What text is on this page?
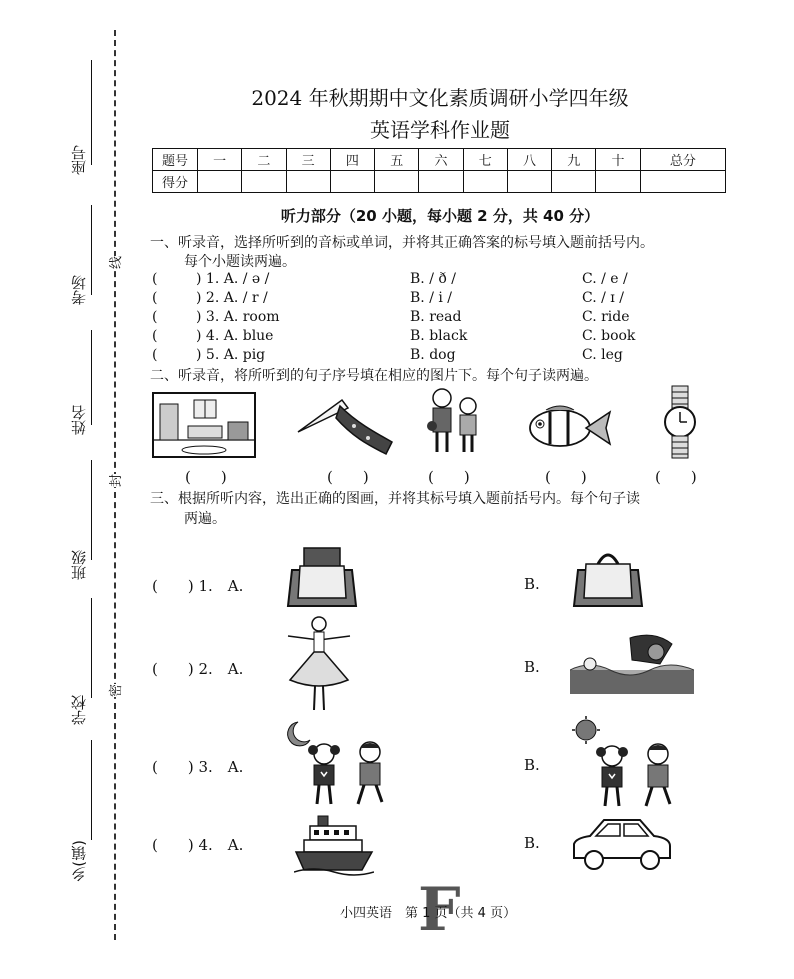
座号
考场
姓名
班级
学校
乡(镇)
线
封
密
2024 年秋期期中文化素质调研小学四年级
英语学科作业题
题号	一	二	三	四	五	六	七	八	九	十	总分
得分											
听力部分（20 小题，每小题 2 分，共 40 分）
一、听录音，选择所听到的音标或单词，并将其正确答案的标号填入题前括号内。
每个小题读两遍。
(	) 1. A. / ə /	B. / ð /	C. / e /
(	) 2. A. / r /	B. / i /	C. / ɪ /
(	) 3. A. room	B. read	C. ride
(	) 4. A. blue	B. black	C. book
(	) 5. A. pig	B. dog	C. leg
二、听录音，将所听到的句子序号填在相应的图片下。每个句子读两遍。
(　　)	(　　)	(　　)	(　　)	(　　)
三、根据所听内容，选出正确的图画，并将其标号填入题前括号内。每个句子读
两遍。
(　　) 1.　A.	B.
(　　) 2.　A.	B.
(　　) 3.　A.	B.
(　　) 4.　A.	B.
F
小四英语　第 1 页（共 4 页）
